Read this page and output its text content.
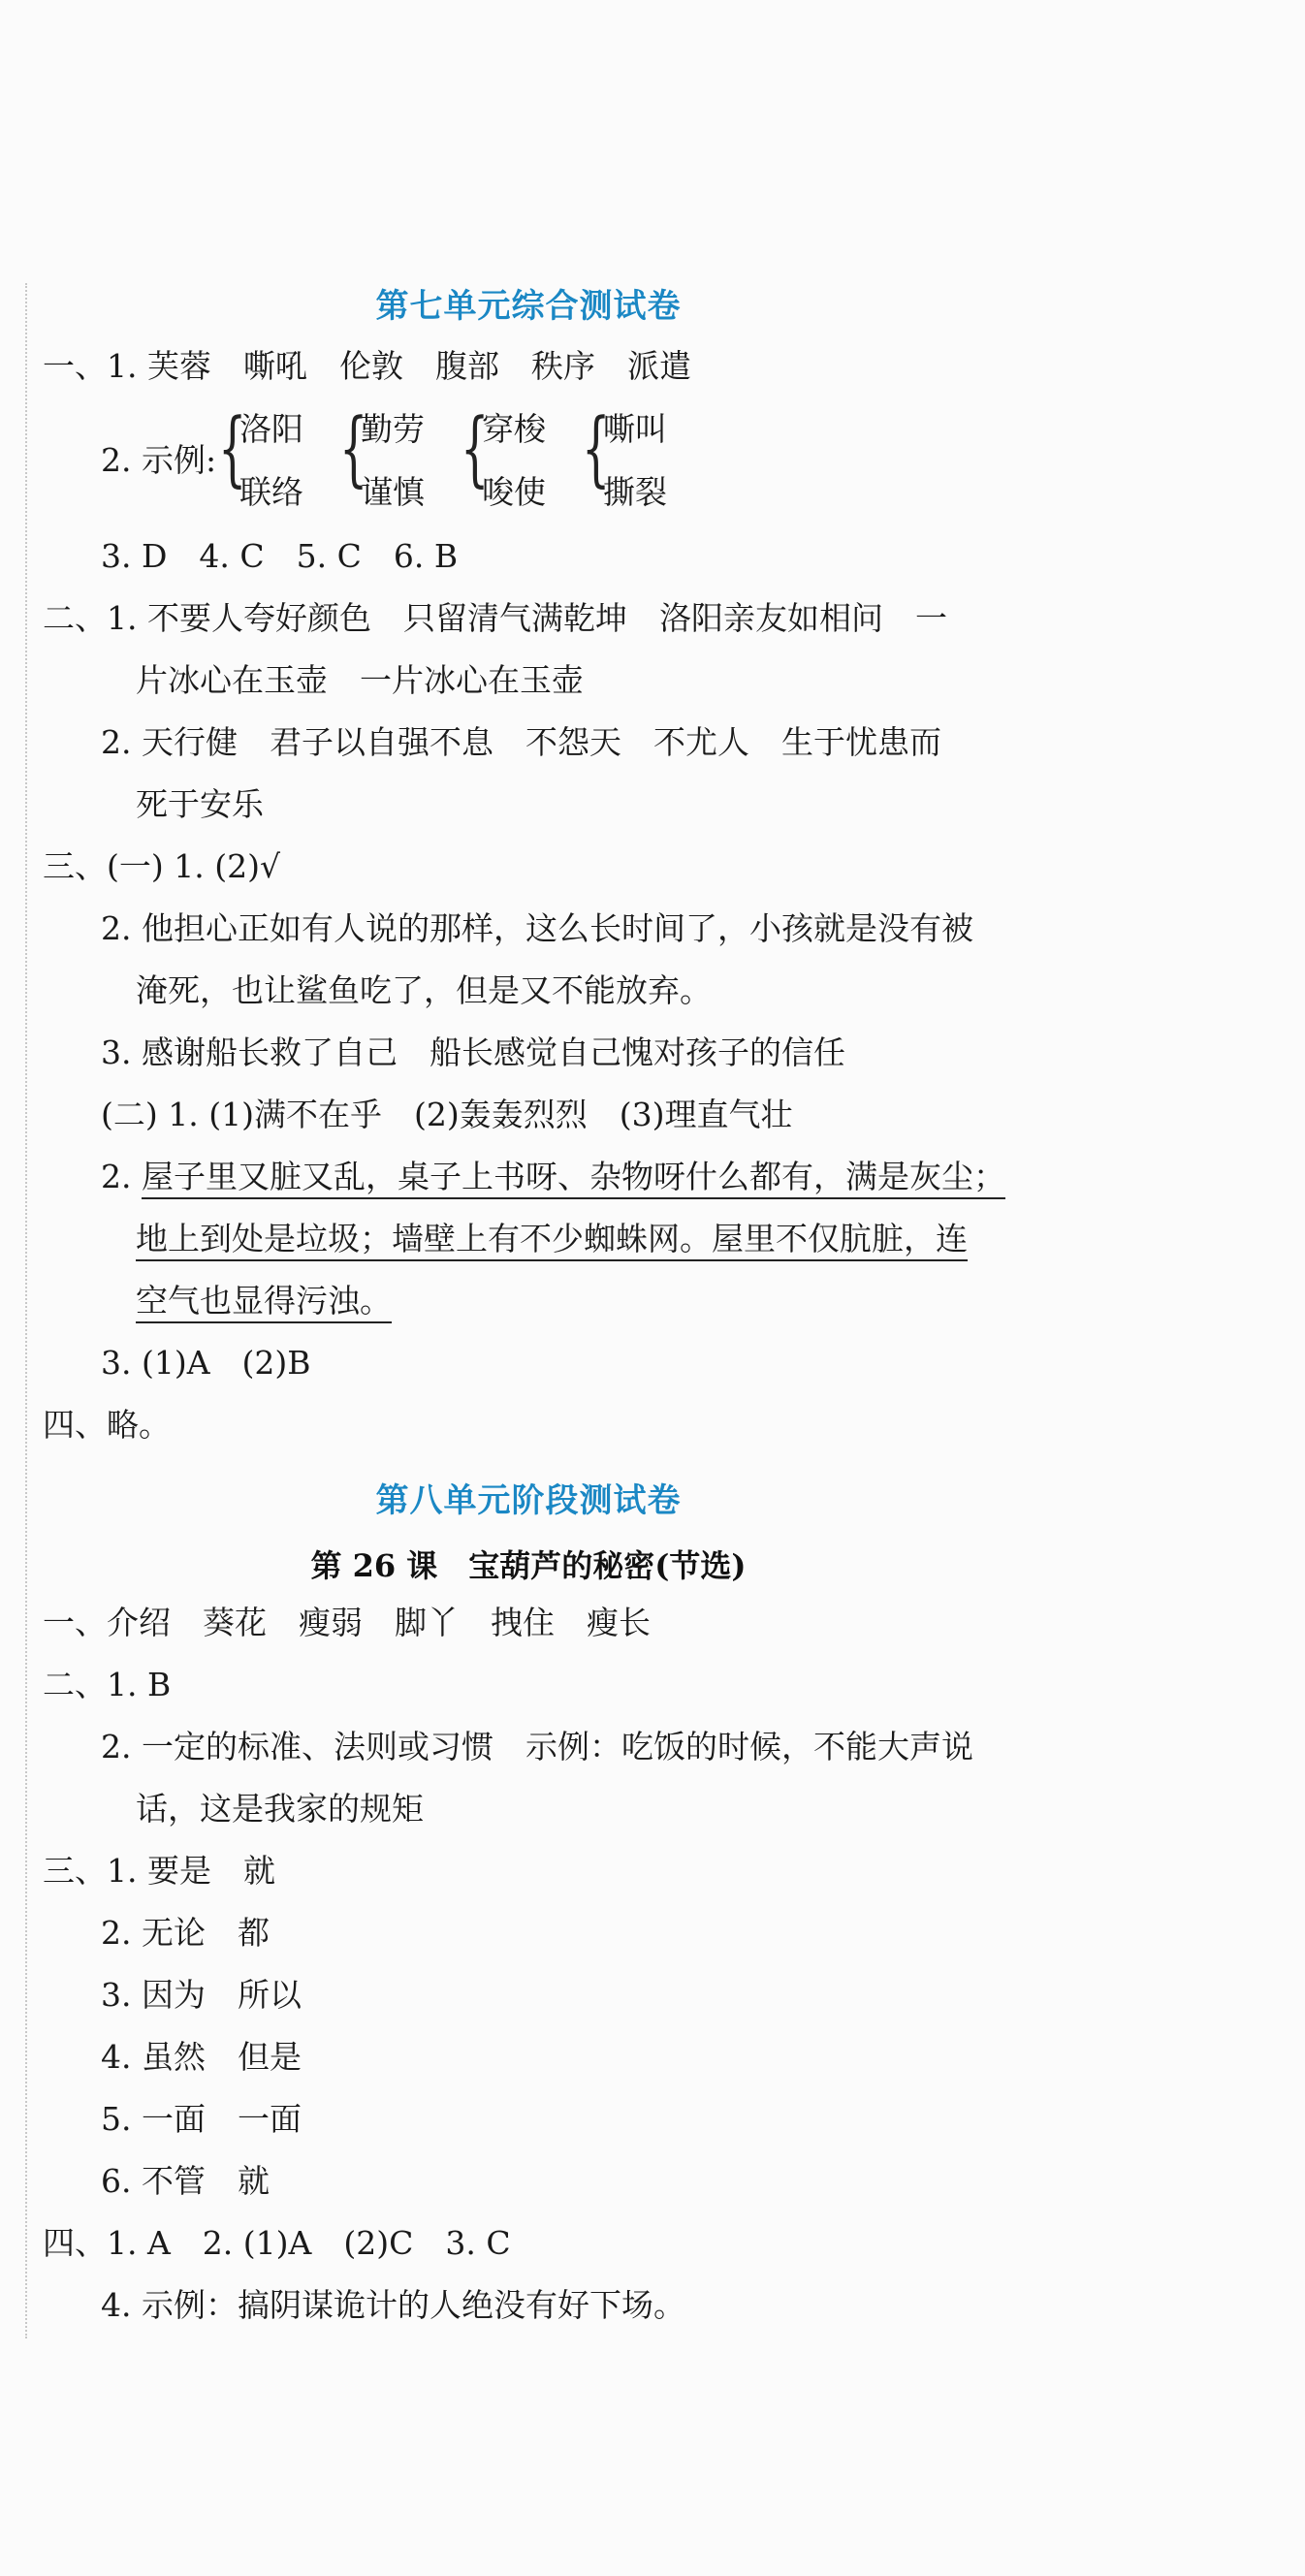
第七单元综合测试卷
一、1. 芙蓉　嘶吼　伦敦　腹部　秩序　派遣
2. 示例: {
洛阳
联络 {
勤劳
谨慎 {
穿梭
唆使 {
嘶叫
撕裂
3. D　4. C　5. C　6. B
二、1. 不要人夸好颜色　只留清气满乾坤　洛阳亲友如相问　一
片冰心在玉壶　一片冰心在玉壶
2. 天行健　君子以自强不息　不怨天　不尤人　生于忧患而
死于安乐
三、(一) 1. (2)√
2. 他担心正如有人说的那样，这么长时间了，小孩就是没有被
淹死，也让鲨鱼吃了，但是又不能放弃。
3. 感谢船长救了自己　船长感觉自己愧对孩子的信任
(二) 1. (1)满不在乎　(2)轰轰烈烈　(3)理直气壮
2. 屋子里又脏又乱，桌子上书呀、杂物呀什么都有，满是灰尘；
地上到处是垃圾；墙壁上有不少蜘蛛网。屋里不仅肮脏，连
空气也显得污浊。
3. (1)A　(2)B
四、略。
第八单元阶段测试卷
第 26 课　宝葫芦的秘密(节选)
一、介绍　葵花　瘦弱　脚丫　拽住　瘦长
二、1. B
2. 一定的标准、法则或习惯　示例：吃饭的时候，不能大声说
话，这是我家的规矩
三、1. 要是　就
2. 无论　都
3. 因为　所以
4. 虽然　但是
5. 一面　一面
6. 不管　就
四、1. A　2. (1)A　(2)C　3. C
4. 示例：搞阴谋诡计的人绝没有好下场。
